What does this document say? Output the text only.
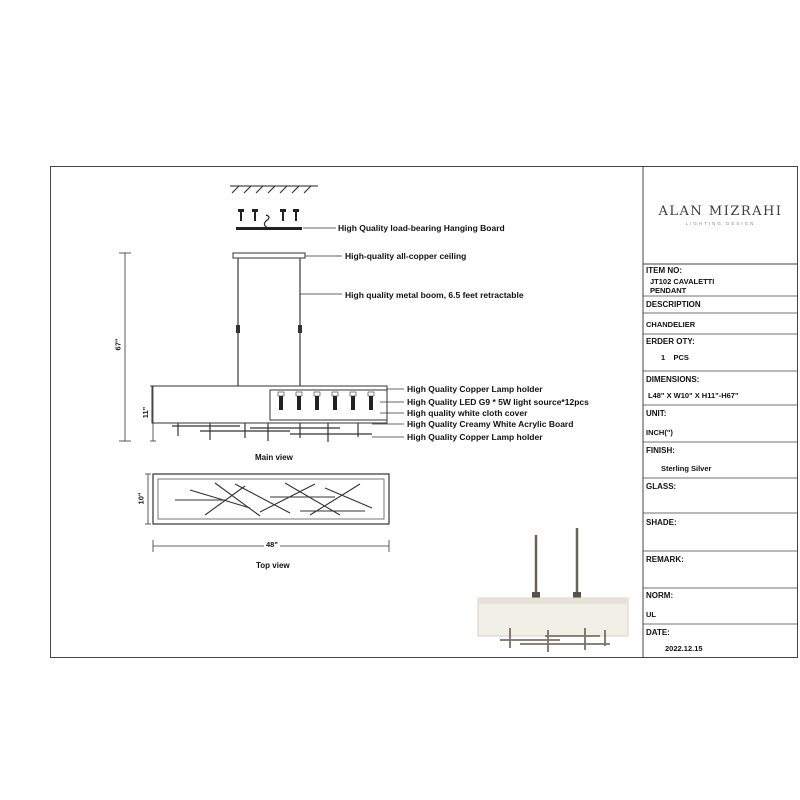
ALAN MIZRAHI
LIGHTING DESIGN
High Quality load-bearing Hanging Board
High-quality all-copper ceiling
High quality metal boom, 6.5 feet retractable
High Quality Copper Lamp holder
High Quality LED G9 * 5W light source*12pcs
High quality white cloth cover
High Quality Creamy White Acrylic Board
High Quality Copper Lamp holder
67"
11"
10"
48"
Main view
Top view
ITEM NO:
JT102 CAVALETTI
PENDANT
DESCRIPTION
CHANDELIER
ERDER OTY:
1    PCS
DIMENSIONS:
L48" X W10" X H11"-H67"
UNIT:
INCH(")
FINISH:
Sterling Silver
GLASS:
SHADE:
REMARK:
NORM:
UL
DATE:
2022.12.15
